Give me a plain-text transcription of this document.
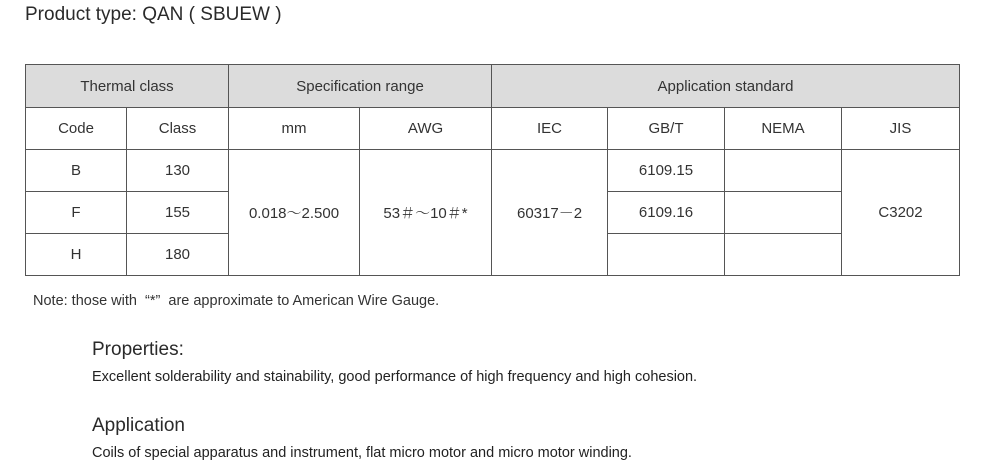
Product type: QAN ( SBUEW )
Thermal class		Specification range		Application standard			
Code	Class	mm	AWG	IEC	GB/T	NEMA	JIS
B	130	0.018～2.500	53＃～10＃*	60317－2	6109.15		C3202
F	155				6109.16		
H	180						
Note: those with  “*”  are approximate to American Wire Gauge.
Properties:
Excellent solderability and stainability, good performance of high frequency and high cohesion.
Application
Coils of special apparatus and instrument, flat micro motor and micro motor winding.
